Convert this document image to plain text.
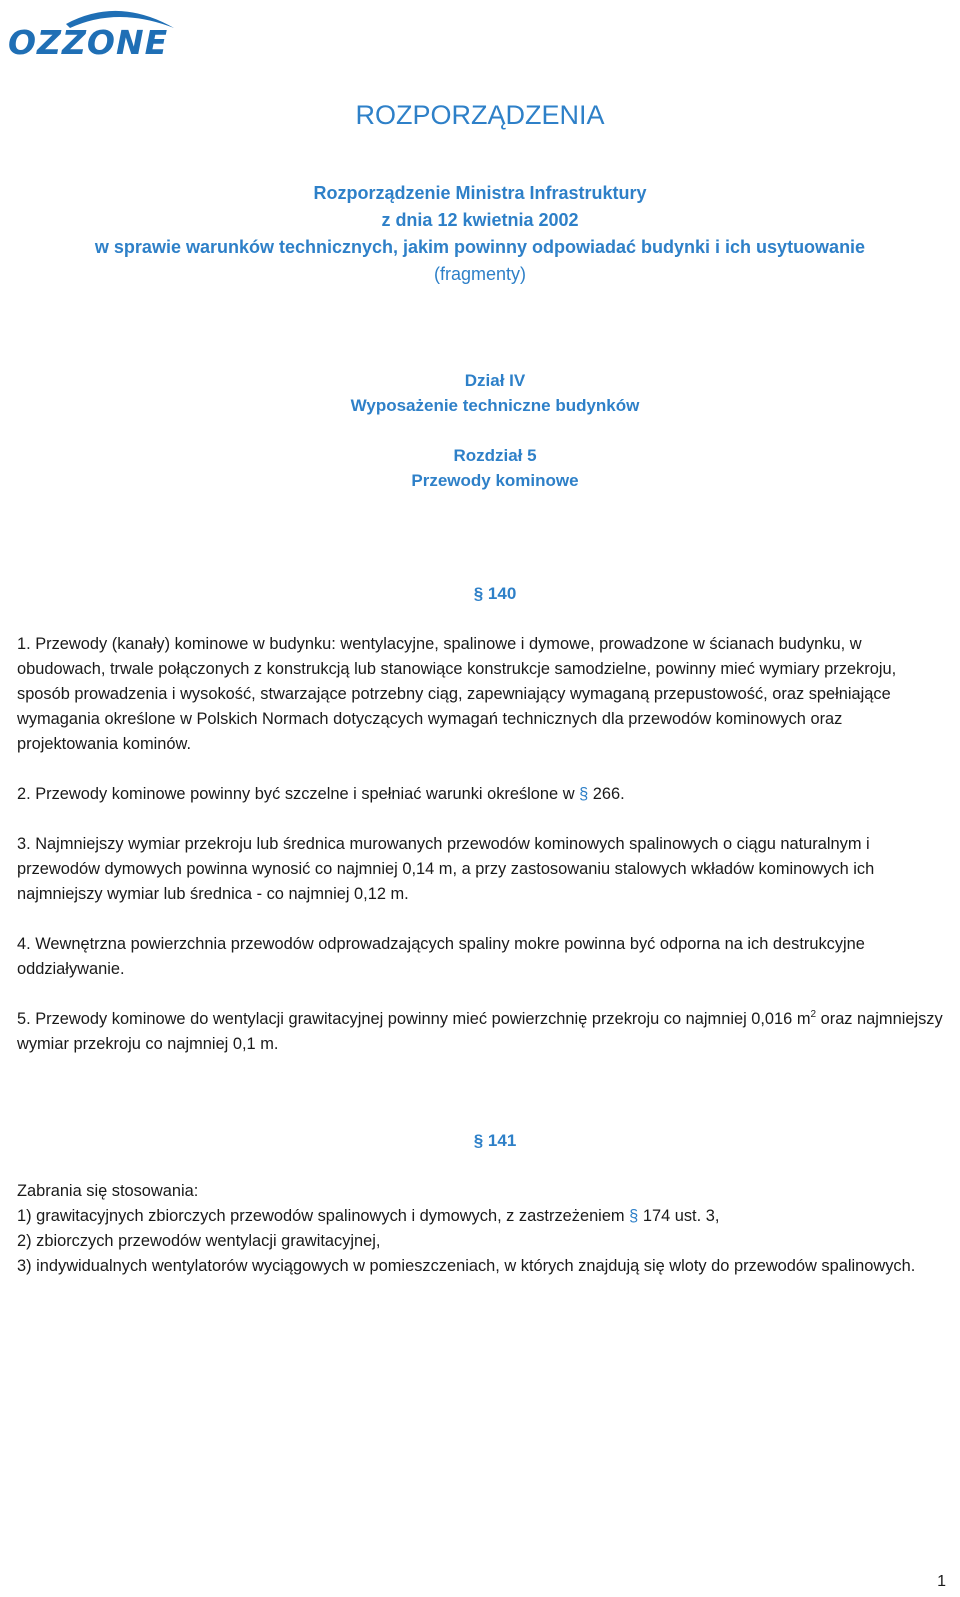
OZZONE
ROZPORZĄDZENIA
Rozporządzenie Ministra Infrastruktury
z dnia 12 kwietnia 2002
w sprawie warunków technicznych, jakim powinny odpowiadać budynki i ich usytuowanie
(fragmenty)
Dział IV
Wyposażenie techniczne budynków
Rozdział 5
Przewody kominowe
§ 140

1. Przewody (kanały) kominowe w budynku: wentylacyjne, spalinowe i dymowe, prowadzone w ścianach budynku, w obudowach, trwale połączonych z konstrukcją lub stanowiące konstrukcje samodzielne, powinny mieć wymiary przekroju, sposób prowadzenia i wysokość, stwarzające potrzebny ciąg, zapewniający wymaganą przepustowość, oraz spełniające wymagania określone w Polskich Normach dotyczących wymagań technicznych dla przewodów kominowych oraz projektowania kominów.

2. Przewody kominowe powinny być szczelne i spełniać warunki określone w § 266.

3. Najmniejszy wymiar przekroju lub średnica murowanych przewodów kominowych spalinowych o ciągu naturalnym i przewodów dymowych powinna wynosić co najmniej 0,14 m, a przy zastosowaniu stalowych wkładów kominowych ich najmniejszy wymiar lub średnica - co najmniej 0,12 m.

4. Wewnętrzna powierzchnia przewodów odprowadzających spaliny mokre powinna być odporna na ich destrukcyjne oddziaływanie.

5. Przewody kominowe do wentylacji grawitacyjnej powinny mieć powierzchnię przekroju co najmniej 0,016 $m^2$ oraz najmniejszy wymiar przekroju co najmniej 0,1 m.

§ 141
Zabrania się stosowania:
1) grawitacyjnych zbiorczych przewodów spalinowych i dymowych, z zastrzeżeniem § 174 ust. 3,
2) zbiorczych przewodów wentylacji grawitacyjnej,
3) indywidualnych wentylatorów wyciągowych w pomieszczeniach, w których znajdują się wloty do przewodów spalinowych.
1
